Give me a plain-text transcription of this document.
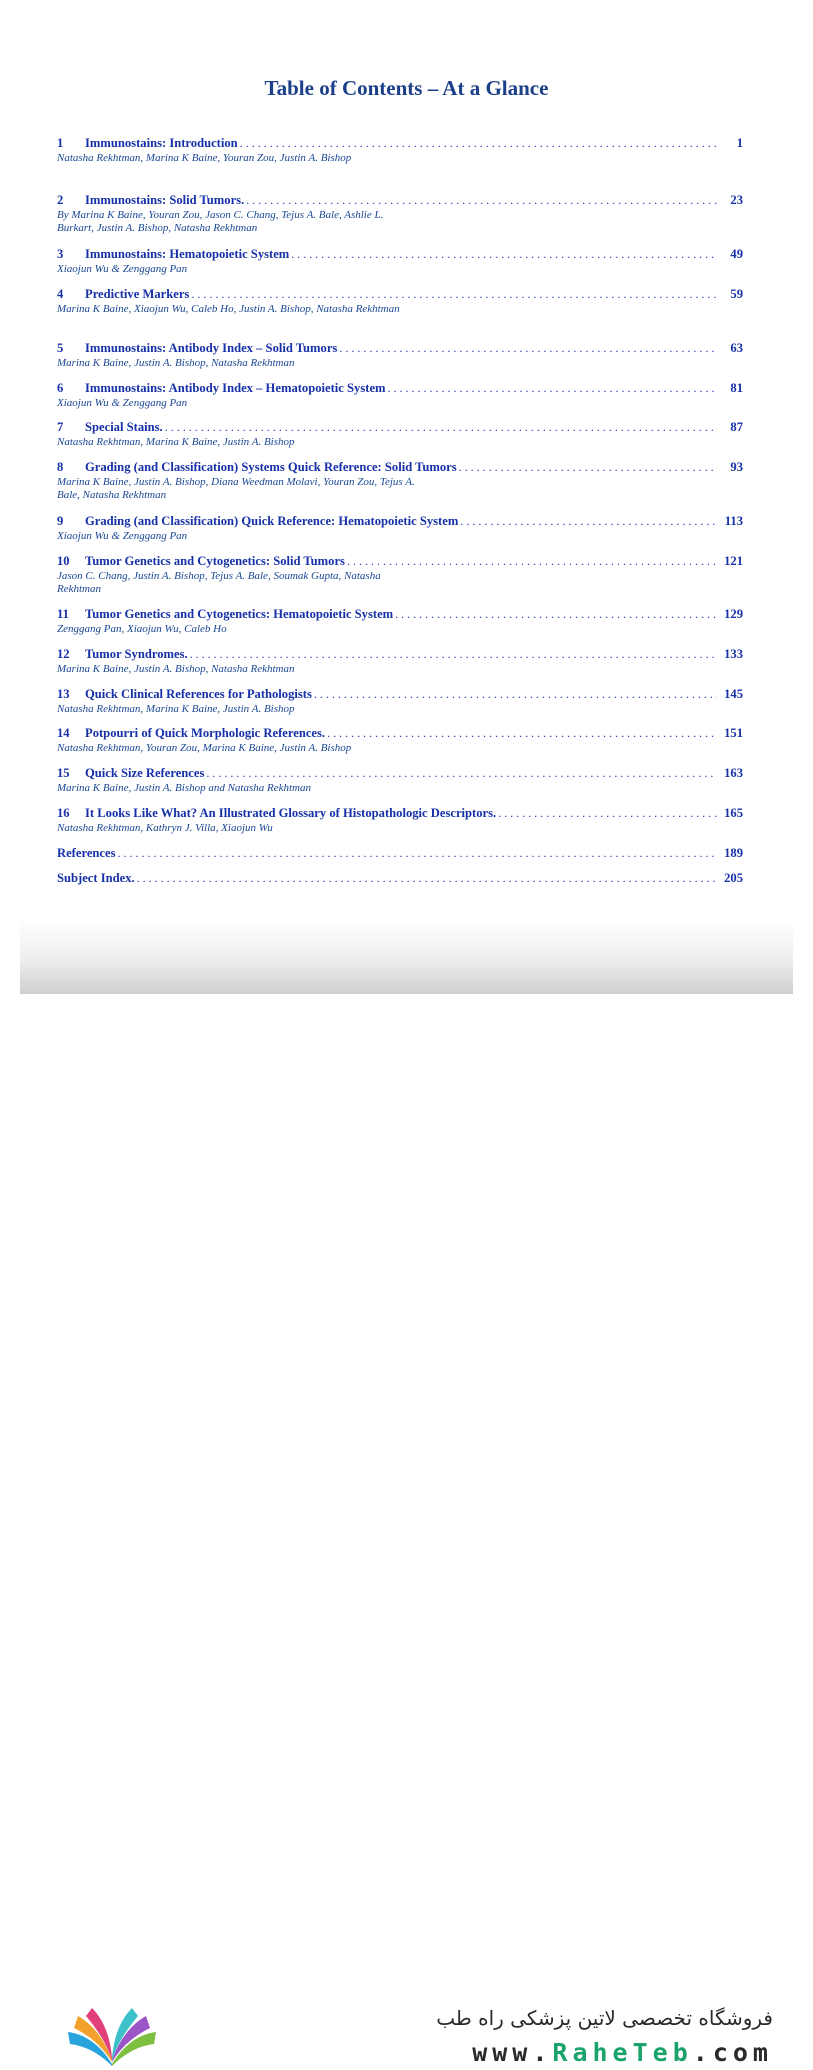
Table of Contents – At a Glance
1	Immunostains: Introduction . . .	1
Natasha Rekhtman, Marina K Baine, Youran Zou, Justin A. Bishop
2	Immunostains: Solid Tumors. . . .	23
By Marina K Baine, Youran Zou, Jason C. Chang, Tejus A. Bale, Ashlie L. Burkart, Justin A. Bishop, Natasha Rekhtman
3	Immunostains: Hematopoietic System . . .	49
Xiaojun Wu & Zenggang Pan
4	Predictive Markers . . .	59
Marina K Baine, Xiaojun Wu, Caleb Ho, Justin A. Bishop, Natasha Rekhtman
5	Immunostains: Antibody Index – Solid Tumors . . .	63
Marina K Baine, Justin A. Bishop, Natasha Rekhtman
6	Immunostains: Antibody Index – Hematopoietic System . . .	81
Xiaojun Wu & Zenggang Pan
7	Special Stains. . . .	87
Natasha Rekhtman, Marina K Baine, Justin A. Bishop
8	Grading (and Classification) Systems Quick Reference: Solid Tumors . . .	93
Marina K Baine, Justin A. Bishop, Diana Weedman Molavi, Youran Zou, Tejus A. Bale, Natasha Rekhtman
9	Grading (and Classification) Quick Reference: Hematopoietic System . . .	113
Xiaojun Wu & Zenggang Pan
10	Tumor Genetics and Cytogenetics: Solid Tumors . . .	121
Jason C. Chang, Justin A. Bishop, Tejus A. Bale, Soumak Gupta, Natasha Rekhtman
11	Tumor Genetics and Cytogenetics: Hematopoietic System . . .	129
Zenggang Pan, Xiaojun Wu, Caleb Ho
12	Tumor Syndromes. . . .	133
Marina K Baine, Justin A. Bishop, Natasha Rekhtman
13	Quick Clinical References for Pathologists . . .	145
Natasha Rekhtman, Marina K Baine, Justin A. Bishop
14	Potpourri of Quick Morphologic References. . . .	151
Natasha Rekhtman, Youran Zou, Marina K Baine, Justin A. Bishop
15	Quick Size References . . .	163
Marina K Baine, Justin A. Bishop and Natasha Rekhtman
16	It Looks Like What? An Illustrated Glossary of Histopathologic Descriptors. . . .	165
Natasha Rekhtman, Kathryn J. Villa, Xiaojun Wu
References . . .	189
Subject Index. . . .	205
فروشگاه تخصصی لاتین پزشکی راه طب
www.RaheTeb.com
